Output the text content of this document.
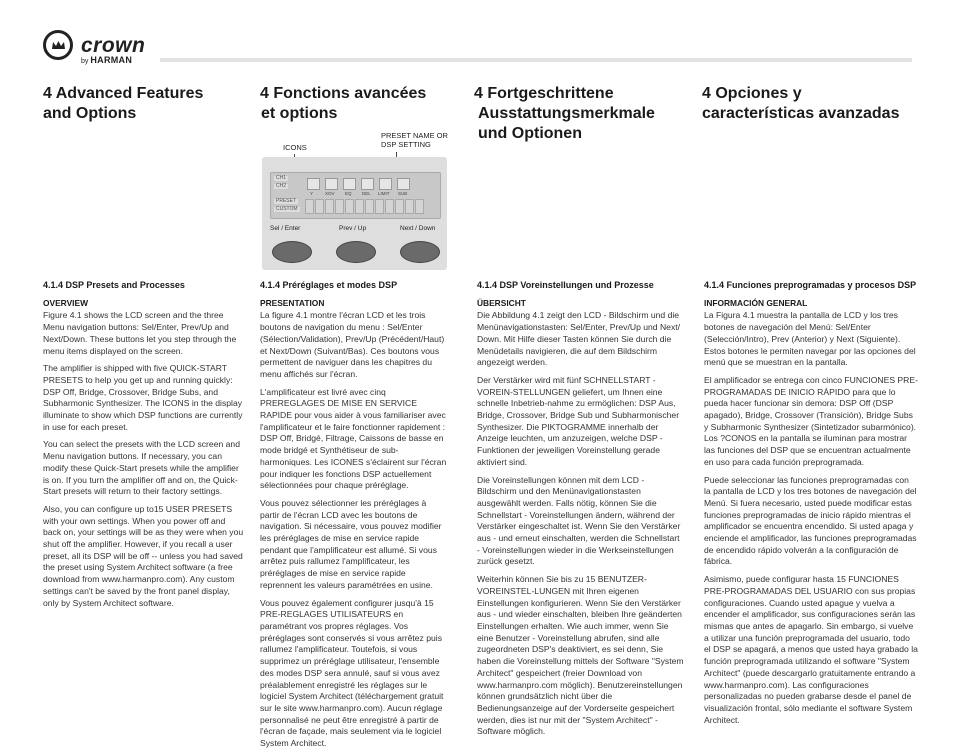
crown
by HARMAN
4 Advanced Features
and Options
4 Fonctions avancées
et options
4 Fortgeschrittene
Ausstattungsmerkmale
und Optionen
4 Opciones y
características avanzadas
ICONS
PRESET NAME OR
DSP SETTING
CH1
CH2
PRESET
CUSTOM
Y	XOV EQ DEL LIMIT SUB
Sel / Enter	Prev / Up	Next / Down
4.1.4 DSP Presets and Processes
OVERVIEW

Figure 4.1 shows the LCD screen and the three Menu navigation buttons: Sel/Enter, Prev/Up and Next/Down. These buttons let you step through the menu items displayed on the screen.

The amplifier is shipped with five QUICK-START PRESETS to help you get up and running quickly: DSP Off, Bridge, Crossover, Bridge Subs, and Subharmonic Synthesizer. The ICONS in the display illuminate to show which DSP functions are currently in use for each preset.

You can select the presets with the LCD screen and Menu navigation buttons. If necessary, you can modify these Quick-Start presets while the amplifier is on. If you turn the amplifier off and on, the Quick-Start presets will return to their factory settings.

Also, you can configure up to15 USER PRESETS with your own settings. When you power off and back on, your settings will be as they were when you shut off the amplifier. However, if you recall a user preset, all its DSP will be off -- unless you had saved the preset using System Architect software (a free download from www.harmanpro.com). Any custom settings can't be saved by the front panel display, only by System Architect software.

4.1.4 Préréglages et modes DSP
PRESENTATION

La figure 4.1 montre l'écran LCD et les trois boutons de navigation du menu : Sel/Enter (Sélection/Validation), Prev/Up (Précédent/Haut) et Next/Down (Suivant/Bas). Ces boutons vous permettent de naviguer dans les chapitres du menu affichés sur l'écran.

L'amplificateur est livré avec cinq PREREGLAGES DE MISE EN SERVICE RAPIDE pour vous aider à vous familiariser avec l'amplificateur et le faire fonctionner rapidement : DSP Off, Bridgé, Filtrage, Caissons de basse en mode bridgé et Synthétiseur de sub-harmoniques. Les ICONES s'éclairent sur l'écran pour indiquer les fonctions DSP actuellement sélectionnées pour chaque préréglage.

Vous pouvez sélectionner les préréglages à partir de l'écran LCD avec les boutons de navigation. Si nécessaire, vous pouvez modifier les préréglages de mise en service rapide pendant que l'amplificateur est allumé. Si vous arrêtez puis rallumez l'amplificateur, les préréglages de mise en service rapide reprennent les valeurs paramétrées en usine.

Vous pouvez également configurer jusqu'à 15 PRE-REGLAGES UTILISATEURS en paramétrant vos propres réglages. Vos préréglages sont conservés si vous arrêtez puis rallumez l'amplificateur. Toutefois, si vous supprimez un préréglage utilisateur, l'ensemble des modes DSP sera annulé, sauf si vous avez préalablement enregistré les réglages sur le logiciel System Architect (téléchargement gratuit sur le site www.harmanpro.com). Aucun réglage personnalisé ne peut être enregistré à partir de l'écran de façade, mais seulement via le logiciel System Architect.

4.1.4 DSP Voreinstellungen und Prozesse
ÜBERSICHT

Die Abbildung 4.1 zeigt den LCD - Bildschirm und die Menünavigationstasten: Sel/Enter, Prev/Up und Next/ Down. Mit Hilfe dieser Tasten können Sie durch die Menüdetails navigieren, die auf dem Bildschirm angezeigt werden.

Der Verstärker wird mit fünf SCHNELLSTART - VOREIN-STELLUNGEN geliefert, um Ihnen eine schnelle Inbetrieb-nahme zu ermöglichen: DSP Aus, Bridge, Crossover, Bridge Sub und Subharmonischer Synthesizer. Die PIKTOGRAMME innerhalb der Anzeige leuchten, um anzuzeigen, welche DSP - Funktionen der jeweiligen Voreinstellung gerade aktiviert sind.

Die Voreinstellungen können mit dem LCD - Bildschirm und den Menünavigationstasten ausgewählt werden. Falls nötig, können Sie die Schnellstart - Voreinstellungen ändern, während der Verstärker eingeschaltet ist. Wenn Sie den Verstärker aus - und erneut einschalten, werden die Schnellstart - Voreinstellungen wieder in die Werkseinstellungen zurück gesetzt.

Weiterhin können Sie bis zu 15 BENUTZER- VOREINSTEL-LUNGEN mit Ihren eigenen Einstellungen konfigurieren. Wenn Sie den Verstärker aus - und wieder einschalten, bleiben Ihre geänderten Einstellungen erhalten. Wie auch immer, wenn Sie eine Benutzer - Voreinstellung abrufen, sind alle zugeordneten DSP's deaktiviert, es sei denn, Sie haben die Voreinstellung mittels der Software "System Architect" gespeichert (freier Download von www.harmanpro.com möglich). Benutzereinstellungen können grundsätzlich nicht über die Bedienungsanzeige auf der Vorderseite gespeichert werden, dies ist nur mit der "System Architect" - Software möglich.

4.1.4 Funciones preprogramadas y procesos DSP
INFORMACIÓN GENERAL

La Figura 4.1 muestra la pantalla de LCD y los tres botones de navegación del Menú: Sel/Enter (Selección/Intro), Prev (Anterior) y Next (Siguiente). Estos botones le permiten navegar por las opciones del menú que se muestran en la pantalla.

El amplificador se entrega con cinco FUNCIONES PRE-PROGRAMADAS DE INICIO RÁPIDO para que lo pueda hacer funcionar sin demora: DSP Off (DSP apagado), Bridge, Crossover (Transición), Bridge Subs y Subharmonic Synthesizer (Sintetizador subarmónico). Los ?CONOS en la pantalla se iluminan para mostrar las funciones del DSP que se encuentran actualmente en uso para cada función preprogramada.

Puede seleccionar las funciones preprogramadas con la pantalla de LCD y los tres botones de navegación del Menú. Si fuera necesario, usted puede modificar estas funciones preprogramadas de inicio rápido mientras el amplificador se encuentra encendido. Si usted apaga y enciende el amplificador, las funciones preprogramadas de encendido rápido volverán a la configuración de fábrica.

Asimismo, puede configurar hasta 15 FUNCIONES PRE-PROGRAMADAS DEL USUARIO con sus propias configuraciones. Cuando usted apague y vuelva a encender el amplificador, sus configuraciones serán las mismas que antes de apagarlo. Sin embargo, si vuelve a utilizar una función preprogramada del usuario, todo el DSP se apagará, a menos que usted haya grabado la función preprogramada utilizando el software "System Architect" (puede descargarlo gratuitamente entrando a www.harmanpro.com). Las configuraciones personalizadas no pueden grabarse desde el panel de visualización frontal, sólo mediante el software System Architect.
